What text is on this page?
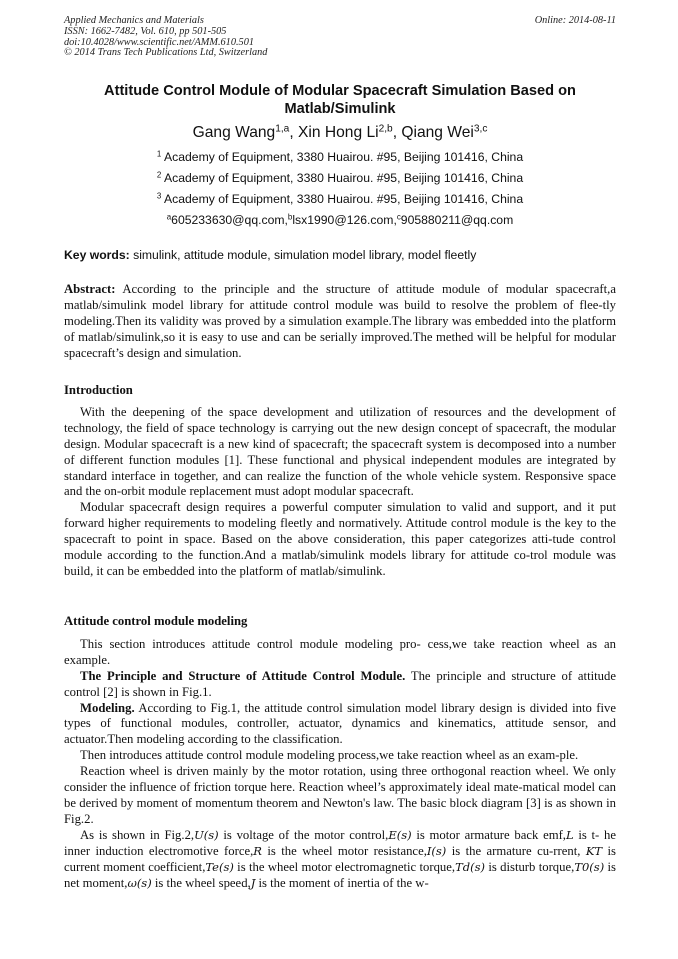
Applied Mechanics and Materials
ISSN: 1662-7482, Vol. 610, pp 501-505
doi:10.4028/www.scientific.net/AMM.610.501
© 2014 Trans Tech Publications Ltd, Switzerland
Online: 2014-08-11
Attitude Control Module of Modular Spacecraft Simulation Based on Matlab/Simulink
Gang Wang$^{1,a}$, Xin Hong Li$^{2,b}$, Qiang Wei$^{3,c}$
$^1$ Academy of Equipment, 3380 Huairou. #95, Beijing 101416, China
$^2$ Academy of Equipment, 3380 Huairou. #95, Beijing 101416, China
$^3$ Academy of Equipment, 3380 Huairou. #95, Beijing 101416, China
$^a$605233630@qq.com,$^b$lsx1990@126.com,$^c$905880211@qq.com
Key words: simulink, attitude module, simulation model library, model fleetly

Abstract: According to the principle and the structure of attitude module of modular spacecraft,a matlab/simulink model library for attitude control module was build to resolve the problem of flee-tly modeling.Then its validity was proved by a simulation example.The library was embedded into the platform of matlab/simulink,so it is easy to use and can be serially improved.The methed will be helpful for modular spacecraft’s design and simulation.

Introduction

With the deepening of the space development and utilization of resources and the development of technology, the field of space technology is carrying out the new design concept of spacecraft, the modular design. Modular spacecraft is a new kind of spacecraft; the spacecraft system is decomposed into a number of different function modules [1]. These functional and physical independent modules are integrated by standard interface in together, and can realize the function of the whole vehicle system. Responsive space and the on-orbit module replacement must adopt modular spacecraft.

Modular spacecraft design requires a powerful computer simulation to valid and support, and it put forward higher requirements to modeling fleetly and normatively. Attitude control module is the key to the spacecraft to point in space. Based on the above consideration, this paper categorizes atti-tude control module according to the function.And a matlab/simulink models library for attitude co-trol module was build, it can be embedded into the platform of matlab/simulink.

Attitude control module modeling

This section introduces attitude control module modeling pro- cess,we take reaction wheel as an example.

The Principle and Structure of Attitude Control Module. The principle and structure of attitude control [2] is shown in Fig.1.

Modeling. According to Fig.1, the attitude control simulation model library design is divided into five types of functional modules, controller, actuator, dynamics and kinematics, attitude sensor, and actuator.Then modeling according to the classification.

Then introduces attitude control module modeling process,we take reaction wheel as an exam-ple.

Reaction wheel is driven mainly by the motor rotation, using three orthogonal reaction wheel. We only consider the influence of friction torque here. Reaction wheel’s approximately ideal mate-matical model can be derived by moment of momentum theorem and Newton's law. The basic block diagram [3] is as shown in Fig.2.

As is shown in Fig.2,U(s) is voltage of the motor control,E(s) is motor armature back emf,L is t- he inner induction electromotive force,R is the wheel motor resistance,I(s) is the armature cu-rrent, KT is current moment coefficient,Te(s) is the wheel motor electromagnetic torque,Td(s) is disturb torque,T0(s) is net moment,ω(s) is the wheel speed,J is the moment of inertia of the w-
